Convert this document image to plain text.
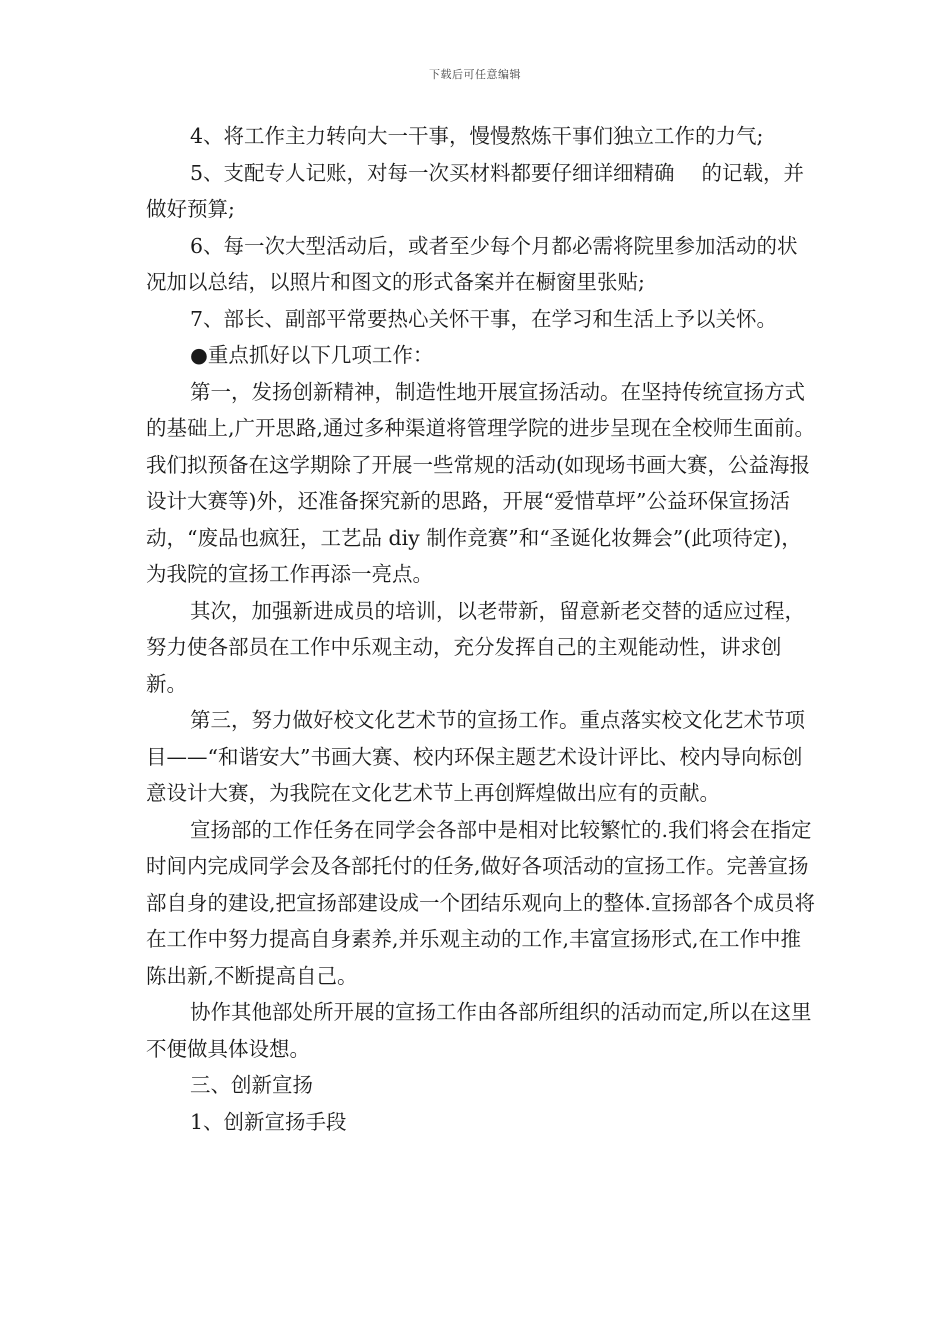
下载后可任意编辑

4、将工作主力转向大一干事，慢慢熬炼干事们独立工作的力气;

5、支配专人记账，对每一次买材料都要仔细详细精确　 的记载，并做好预算;

6、每一次大型活动后，或者至少每个月都必需将院里参加活动的状况加以总结，以照片和图文的形式备案并在橱窗里张贴;

7、部长、副部平常要热心关怀干事，在学习和生活上予以关怀。

●重点抓好以下几项工作：

第一，发扬创新精神，制造性地开展宣扬活动。在坚持传统宣扬方式的基础上,广开思路,通过多种渠道将管理学院的进步呈现在全校师生面前。我们拟预备在这学期除了开展一些常规的活动(如现场书画大赛，公益海报设计大赛等)外，还准备探究新的思路，开展“爱惜草坪”公益环保宣扬活动，“废品也疯狂，工艺品 diy 制作竞赛”和“圣诞化妆舞会”(此项待定)，为我院的宣扬工作再添一亮点。

其次，加强新进成员的培训，以老带新，留意新老交替的适应过程，努力使各部员在工作中乐观主动，充分发挥自己的主观能动性，讲求创新。

第三，努力做好校文化艺术节的宣扬工作。重点落实校文化艺术节项目——“和谐安大”书画大赛、校内环保主题艺术设计评比、校内导向标创意设计大赛，为我院在文化艺术节上再创辉煌做出应有的贡献。

宣扬部的工作任务在同学会各部中是相对比较繁忙的.我们将会在指定时间内完成同学会及各部托付的任务,做好各项活动的宣扬工作。完善宣扬部自身的建设,把宣扬部建设成一个团结乐观向上的整体.宣扬部各个成员将在工作中努力提高自身素养,并乐观主动的工作,丰富宣扬形式,在工作中推陈出新,不断提高自己。

协作其他部处所开展的宣扬工作由各部所组织的活动而定,所以在这里不便做具体设想。

三、创新宣扬

1、创新宣扬手段
